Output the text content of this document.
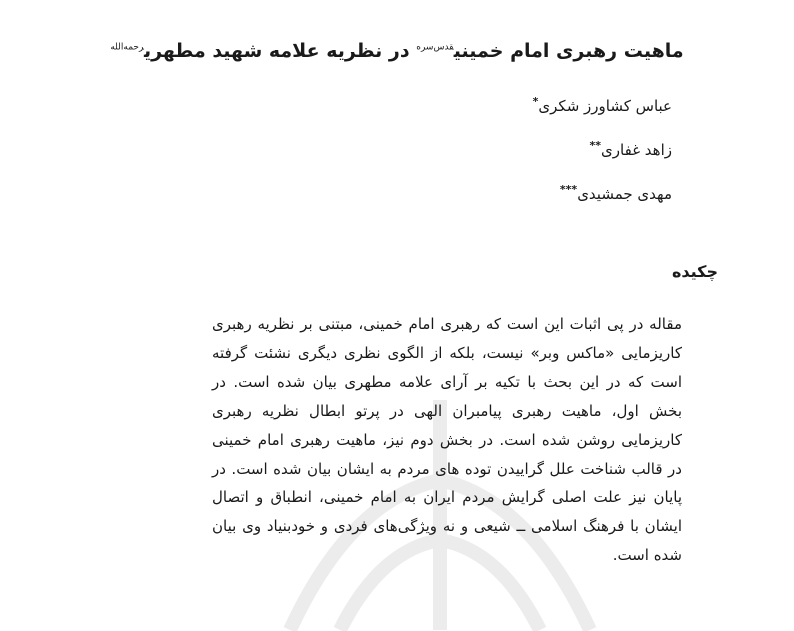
ماهیت رهبری امام خمینی$^{قدس‌سره}$ در نظریه علامه شهید مطهری$^{رحمه‌الله}$
عباس کشاورز شکری*
زاهد غفاری**
مهدی جمشیدی***
چکیده

مقاله در پی اثبات این است که رهبری امام خمینی، مبتنی بر نظریه رهبری کاریزمایی «ماکس وبر» نیست، بلکه از الگوی نظری دیگری نشئت گرفته است که در این بحث با تکیه بر آرای علامه مطهری بیان شده است. در بخش اول، ماهیت رهبری پیامبران الهی در پرتو ابطال نظریه رهبری کاریزمایی روشن شده است. در بخش دوم نیز، ماهیت رهبری امام خمینی در قالب شناخت علل گراییدن توده های مردم به ایشان بیان شده است. در پایان نیز علت اصلی گرایش مردم ایران به امام خمینی، انطباق و اتصال ایشان با فرهنگ اسلامی ــ شیعی و نه ویژگی‌های فردی و خودبنیاد وی بیان شده است.
